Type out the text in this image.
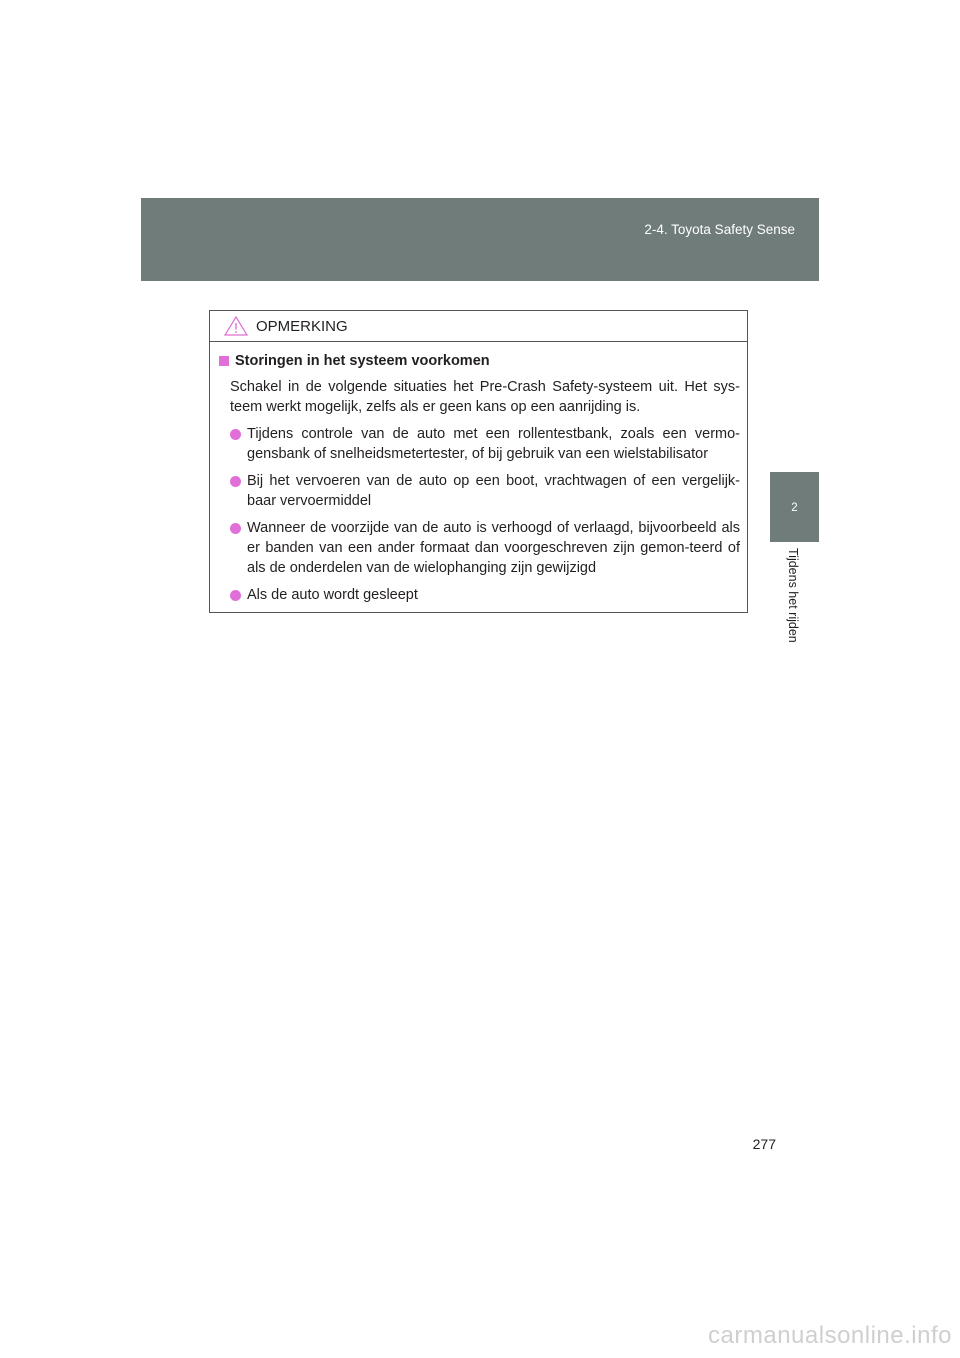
2-4. Toyota Safety Sense
2
Tijdens het rijden
OPMERKING
Storingen in het systeem voorkomen
Schakel in de volgende situaties het Pre-Crash Safety-systeem uit. Het sys-teem werkt mogelijk, zelfs als er geen kans op een aanrijding is.
Tijdens controle van de auto met een rollentestbank, zoals een vermo-gensbank of snelheidsmetertester, of bij gebruik van een wielstabilisator
Bij het vervoeren van de auto op een boot, vrachtwagen of een vergelijk-baar vervoermiddel
Wanneer de voorzijde van de auto is verhoogd of verlaagd, bijvoorbeeld als er banden van een ander formaat dan voorgeschreven zijn gemon-teerd of als de onderdelen van de wielophanging zijn gewijzigd
Als de auto wordt gesleept
277
carmanualsonline.info
